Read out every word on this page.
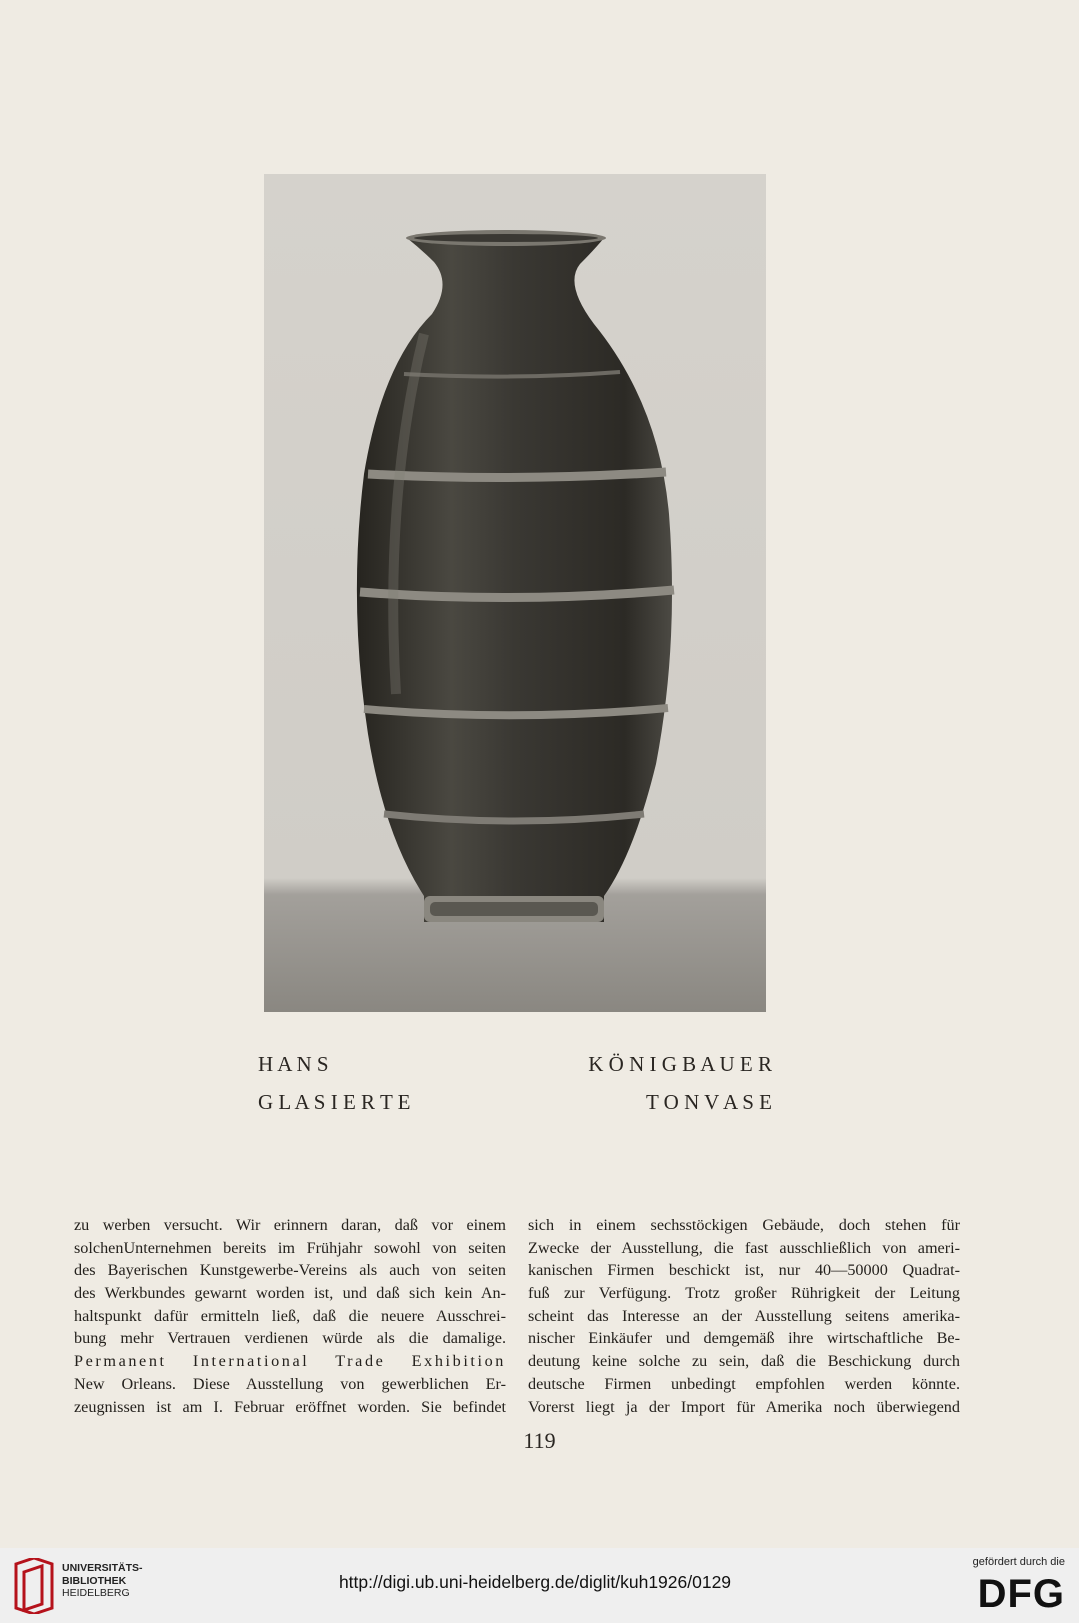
H A N S	K Ö N I G B A U E R
G L A S I E R T E	T O N V A S E
zu werben versucht. Wir erinnern daran, daß vor einem
solchenUnternehmen bereits im Frühjahr sowohl von seiten
des Bayerischen Kunstgewerbe-Vereins als auch von seiten
des Werkbundes gewarnt worden ist, und daß sich kein An-
haltspunkt dafür ermitteln ließ, daß die neuere Ausschrei-
bung mehr Vertrauen verdienen würde als die damalige.
Permanent International Trade Exhibition
New Orleans. Diese Ausstellung von gewerblichen Er-
zeugnissen ist am I. Februar eröffnet worden. Sie befindet
sich in einem sechsstöckigen Gebäude, doch stehen für
Zwecke der Ausstellung, die fast ausschließlich von ameri-
kanischen Firmen beschickt ist, nur 40—50000 Quadrat-
fuß zur Verfügung. Trotz großer Rührigkeit der Leitung
scheint das Interesse an der Ausstellung seitens amerika-
nischer Einkäufer und demgemäß ihre wirtschaftliche Be-
deutung keine solche zu sein, daß die Beschickung durch
deutsche Firmen unbedingt empfohlen werden könnte.
Vorerst liegt ja der Import für Amerika noch überwiegend
119
UNIVERSITÄTS-
BIBLIOTHEK
HEIDELBERG
http://digi.ub.uni-heidelberg.de/diglit/kuh1926/0129
gefördert durch die
DFG
